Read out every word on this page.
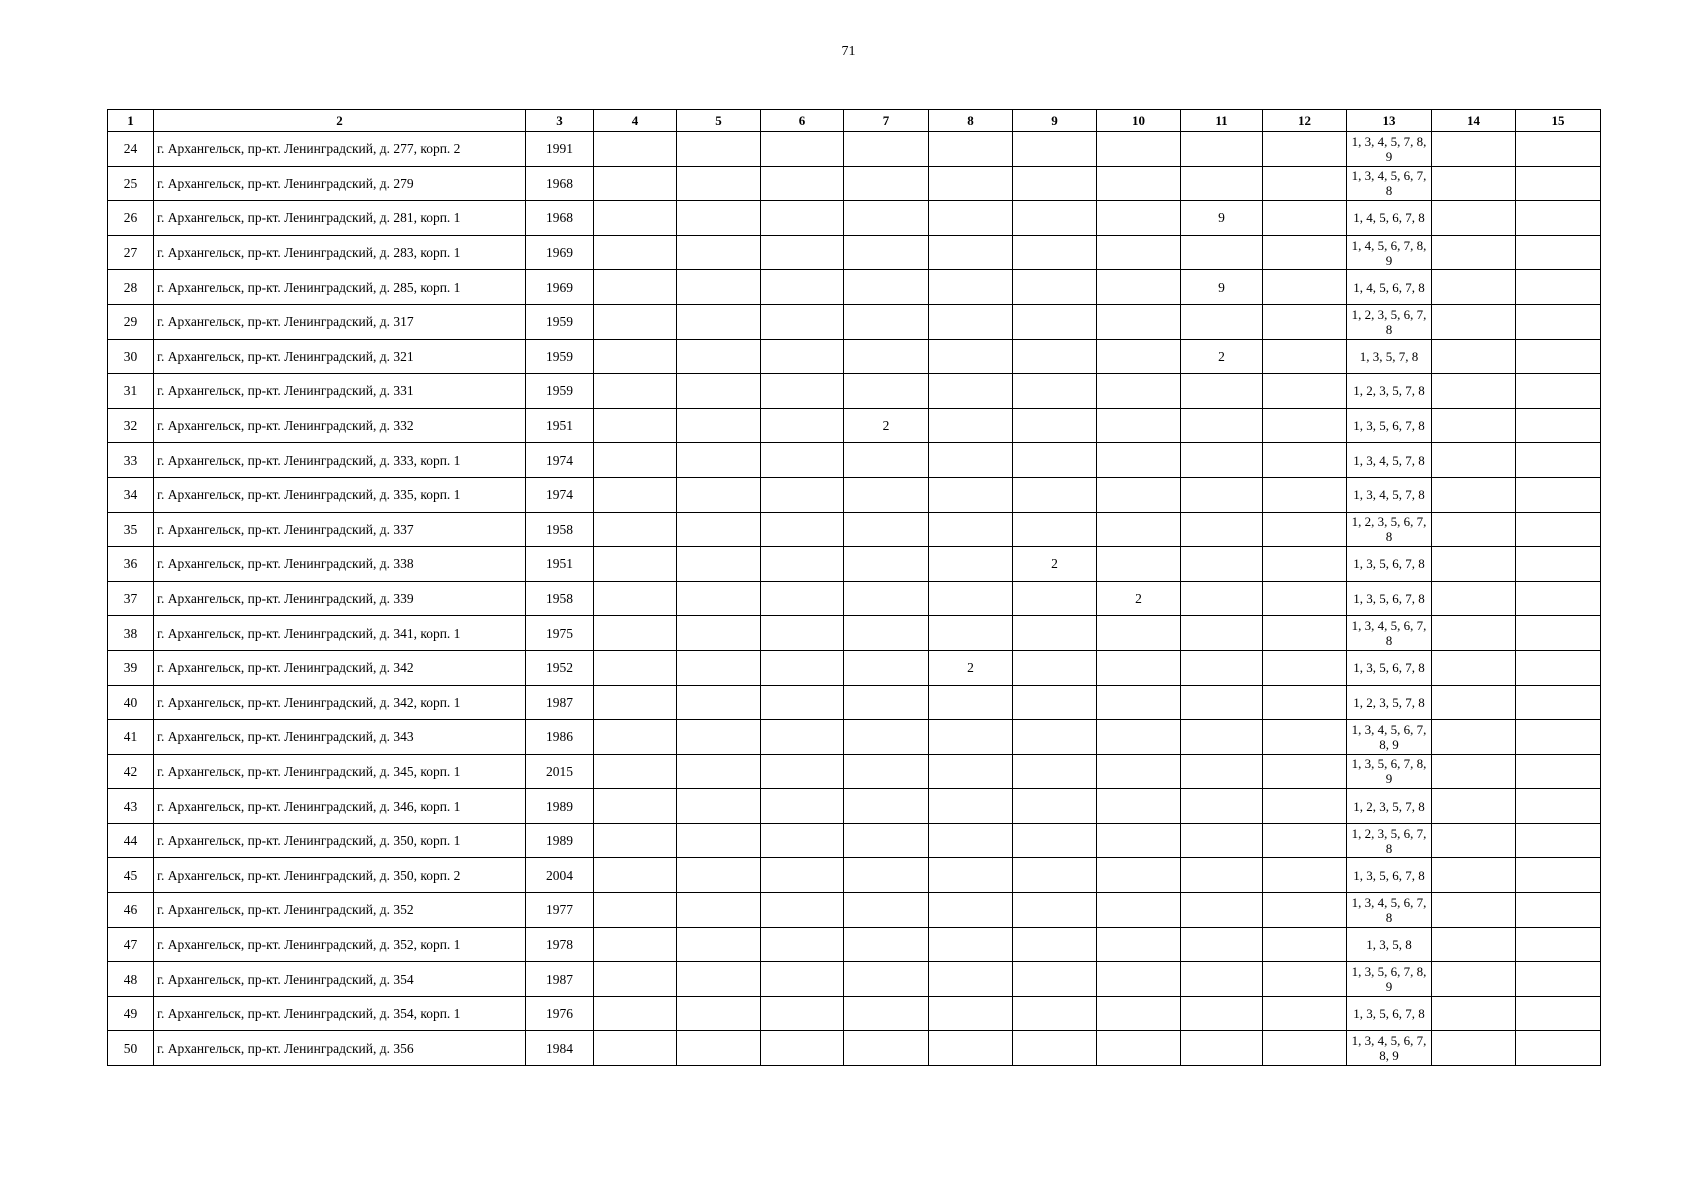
71
1	2	3	4	5	6	7	8	9	10	11	12	13	14	15
24	г. Архангельск, пр-кт. Ленинградский, д. 277, корп. 2	1991										1, 3, 4, 5, 7, 8, 9		
25	г. Архангельск, пр-кт. Ленинградский, д. 279	1968										1, 3, 4, 5, 6, 7, 8		
26	г. Архангельск, пр-кт. Ленинградский, д. 281, корп. 1	1968								9		1, 4, 5, 6, 7, 8		
27	г. Архангельск, пр-кт. Ленинградский, д. 283, корп. 1	1969										1, 4, 5, 6, 7, 8, 9		
28	г. Архангельск, пр-кт. Ленинградский, д. 285, корп. 1	1969								9		1, 4, 5, 6, 7, 8		
29	г. Архангельск, пр-кт. Ленинградский, д. 317	1959										1, 2, 3, 5, 6, 7, 8		
30	г. Архангельск, пр-кт. Ленинградский, д. 321	1959								2		1, 3, 5, 7, 8		
31	г. Архангельск, пр-кт. Ленинградский, д. 331	1959										1, 2, 3, 5, 7, 8		
32	г. Архангельск, пр-кт. Ленинградский, д. 332	1951				2						1, 3, 5, 6, 7, 8		
33	г. Архангельск, пр-кт. Ленинградский, д. 333, корп. 1	1974										1, 3, 4, 5, 7, 8		
34	г. Архангельск, пр-кт. Ленинградский, д. 335, корп. 1	1974										1, 3, 4, 5, 7, 8		
35	г. Архангельск, пр-кт. Ленинградский, д. 337	1958										1, 2, 3, 5, 6, 7, 8		
36	г. Архангельск, пр-кт. Ленинградский, д. 338	1951						2				1, 3, 5, 6, 7, 8		
37	г. Архангельск, пр-кт. Ленинградский, д. 339	1958							2			1, 3, 5, 6, 7, 8		
38	г. Архангельск, пр-кт. Ленинградский, д. 341, корп. 1	1975										1, 3, 4, 5, 6, 7, 8		
39	г. Архангельск, пр-кт. Ленинградский, д. 342	1952					2					1, 3, 5, 6, 7, 8		
40	г. Архангельск, пр-кт. Ленинградский, д. 342, корп. 1	1987										1, 2, 3, 5, 7, 8		
41	г. Архангельск, пр-кт. Ленинградский, д. 343	1986										1, 3, 4, 5, 6, 7, 8, 9		
42	г. Архангельск, пр-кт. Ленинградский, д. 345, корп. 1	2015										1, 3, 5, 6, 7, 8, 9		
43	г. Архангельск, пр-кт. Ленинградский, д. 346, корп. 1	1989										1, 2, 3, 5, 7, 8		
44	г. Архангельск, пр-кт. Ленинградский, д. 350, корп. 1	1989										1, 2, 3, 5, 6, 7, 8		
45	г. Архангельск, пр-кт. Ленинградский, д. 350, корп. 2	2004										1, 3, 5, 6, 7, 8		
46	г. Архангельск, пр-кт. Ленинградский, д. 352	1977										1, 3, 4, 5, 6, 7, 8		
47	г. Архангельск, пр-кт. Ленинградский, д. 352, корп. 1	1978										1, 3, 5, 8		
48	г. Архангельск, пр-кт. Ленинградский, д. 354	1987										1, 3, 5, 6, 7, 8, 9		
49	г. Архангельск, пр-кт. Ленинградский, д. 354, корп. 1	1976										1, 3, 5, 6, 7, 8		
50	г. Архангельск, пр-кт. Ленинградский, д. 356	1984										1, 3, 4, 5, 6, 7, 8, 9		
